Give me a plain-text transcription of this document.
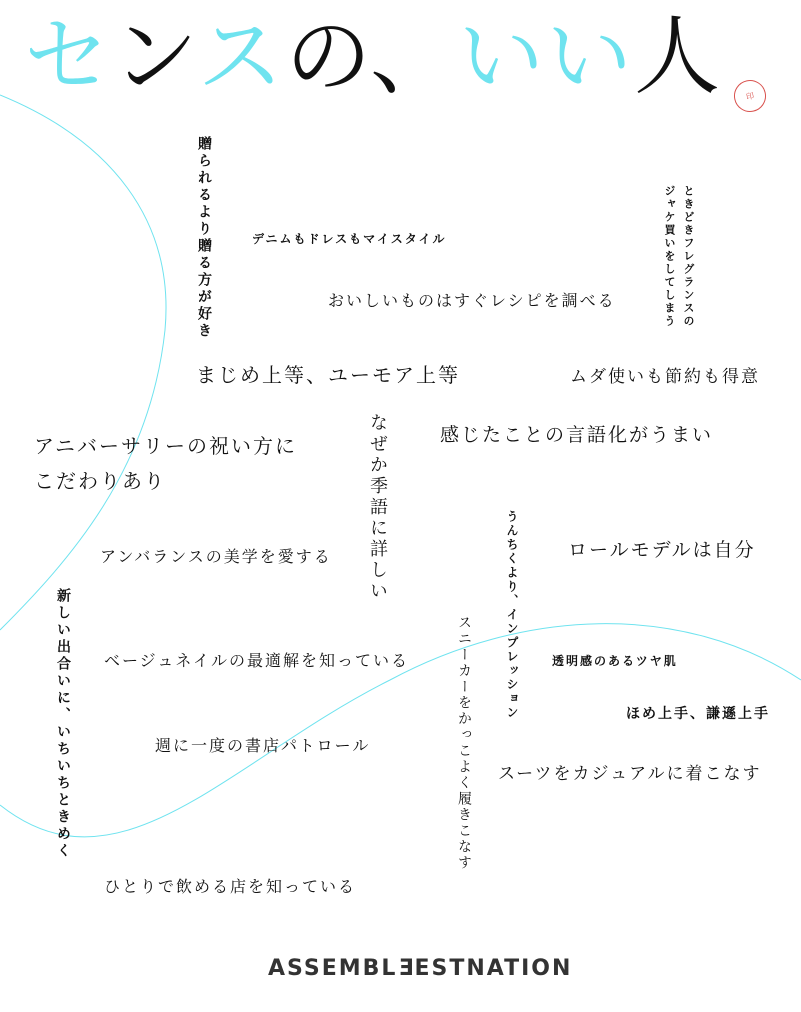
センスの、いい人	印
贈られるより贈る方が好き	デニムもドレスもマイスタイル	ときどきフレグランスの
ジャケ買いをしてしまう
おいしいものはすぐレシピを調べる
まじめ上等、ユーモア上等	ムダ使いも節約も得意
アニバーサリーの祝い方に
こだわりあり	なぜか季語に詳しい	感じたことの言語化がうまい
うんちくより、インプレッション	ロールモデルは自分
アンバランスの美学を愛する
新しい出合いに、いちいちときめく	スニーカーをかっこよく履きこなす
ベージュネイルの最適解を知っている	透明感のあるツヤ肌
ほめ上手、謙遜上手
週に一度の書店パトロール
スーツをカジュアルに着こなす
ひとりで飲める店を知っている
ASSEMBLEESTNATION
